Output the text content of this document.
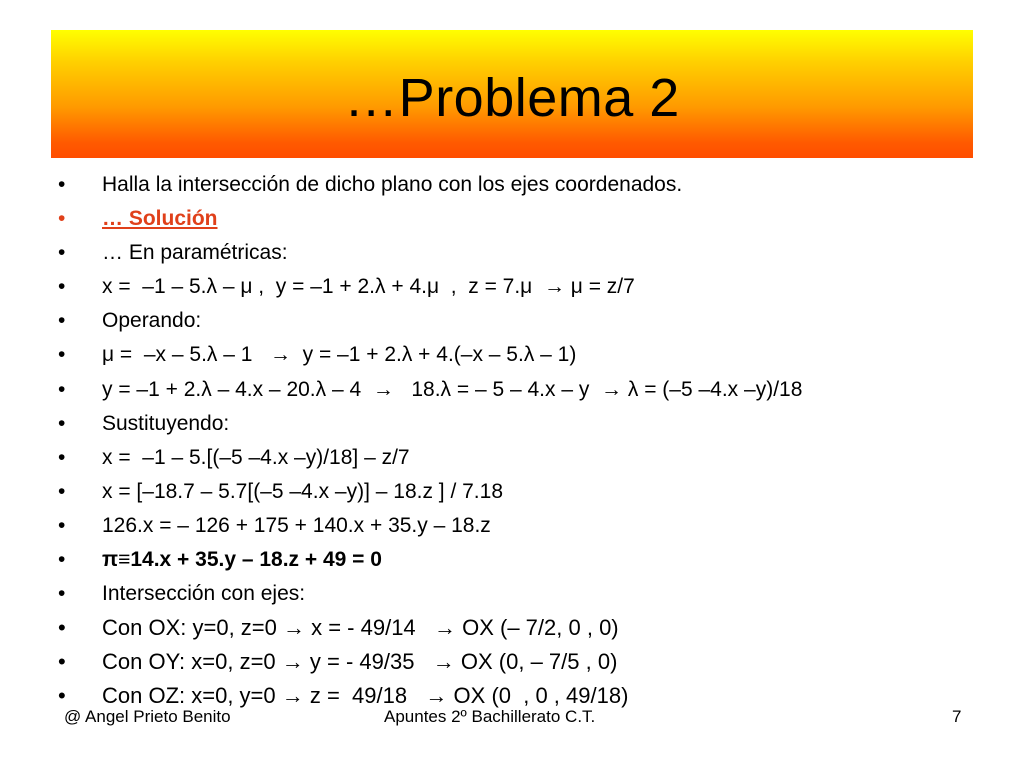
…Problema 2
•	Halla la intersección de dicho plano con los ejes coordenados.
•	… Solución
•	… En paramétricas:
•	x =  –1 – 5.λ – μ ,  y = –1 + 2.λ + 4.μ  ,  z = 7.μ  → μ = z/7
•	Operando:
•	μ =  –x – 5.λ – 1   →  y = –1 + 2.λ + 4.(–x – 5.λ – 1)
•	y = –1 + 2.λ – 4.x – 20.λ – 4  →   18.λ = – 5 – 4.x – y  → λ = (–5 –4.x –y)/18
•	Sustituyendo:
•	x =  –1 – 5.[(–5 –4.x –y)/18] – z/7
•	x = [–18.7 – 5.7[(–5 –4.x –y)] – 18.z ] / 7.18
•	126.x = – 126 + 175 + 140.x + 35.y – 18.z
•	π≡14.x + 35.y – 18.z + 49 = 0
•	Intersección con ejes:
•	Con OX: y=0, z=0 → x = - 49/14   → OX (– 7/2, 0 , 0)
•	Con OY: x=0, z=0 → y = - 49/35   → OX (0, – 7/5 , 0)
•	Con OZ: x=0, y=0 → z =  49/18   → OX (0  , 0 , 49/18)
@ Angel Prieto Benito	Apuntes 2º Bachillerato C.T.	7
